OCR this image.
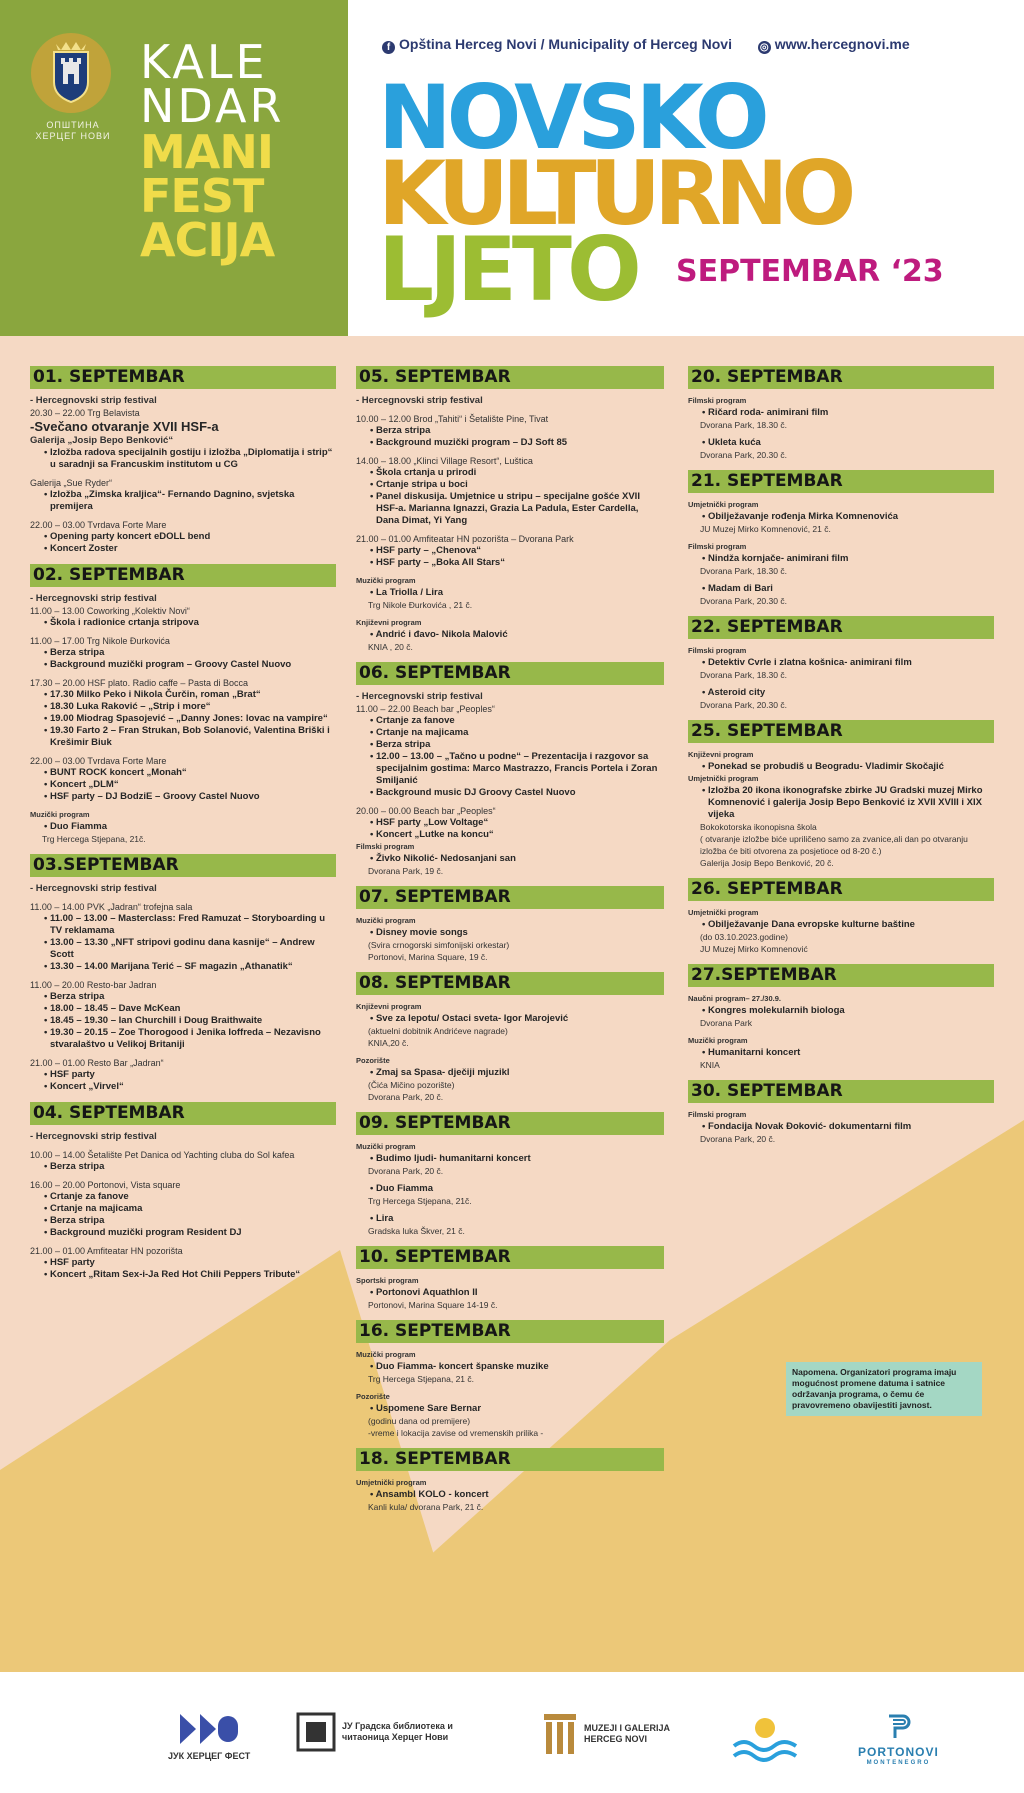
ОПШТИНА ХЕРЦЕГ НОВИ
KALE
NDAR
MANI
FEST
ACIJA
f Opština Herceg Novi / Municipality of Herceg Novi	◎ www.hercegnovi.me
NOVSKO
KULTURNO
LJETO SEPTEMBAR ‘23
01. SEPTEMBAR
- Hercegnovski strip festival
20.30 – 22.00 Trg Belavista
-Svečano otvaranje XVII HSF-a
Galerija „Josip Bepo Benković“
• Izložba radova specijalnih gostiju i izložba „Diplomatija i strip“ u saradnji sa Francuskim institutom u CG
Galerija „Sue Ryder“
• Izložba „Zimska kraljica“- Fernando Dagnino, svjetska premijera
22.00 – 03.00 Tvrdava Forte Mare
• Opening party koncert eDOLL bend
• Koncert Zoster
02. SEPTEMBAR
- Hercegnovski strip festival
11.00 – 13.00 Coworking „Kolektiv Novi“
• Škola i radionice crtanja stripova
11.00 – 17.00 Trg Nikole Đurkovića
• Berza stripa
• Background muzički program – Groovy Castel Nuovo
17.30 – 20.00 HSF plato. Radio caffe – Pasta di Bocca
• 17.30 Milko Peko i Nikola Čurčin, roman „Brat“
• 18.30 Luka Raković – „Strip i more“
• 19.00 Miodrag Spasojević – „Danny Jones: lovac na vampire“
• 19.30 Farto 2 – Fran Strukan, Bob Solanović, Valentina Briški i Krešimir Biuk
22.00 – 03.00 Tvrdava Forte Mare
• BUNT ROCK koncert „Monah“
• Koncert „DLM“
• HSF party – DJ BodziE – Groovy Castel Nuovo
Muzički program
• Duo Fiamma
Trg Hercega Stjepana, 21č.
03.SEPTEMBAR
- Hercegnovski strip festival
11.00 – 14.00 PVK „Jadran“ trofejna sala
• 11.00 – 13.00 – Masterclass: Fred Ramuzat – Storyboarding u TV reklamama
• 13.00 – 13.30 „NFT stripovi godinu dana kasnije“ – Andrew Scott
• 13.30 – 14.00 Marijana Terić – SF magazin „Athanatik“
11.00 – 20.00 Resto-bar Jadran
• Berza stripa
• 18.00 – 18.45 – Dave McKean
• 18.45 – 19.30 – Ian Churchill i Doug Braithwaite
• 19.30 – 20.15 – Zoe Thorogood i Jenika Ioffreda – Nezavisno stvaralaštvo u Velikoj Britaniji
21.00 – 01.00 Resto Bar „Jadran“
• HSF party
• Koncert „Virvel“
04. SEPTEMBAR
- Hercegnovski strip festival
10.00 – 14.00 Šetalište Pet Danica od Yachting cluba do Sol kafea
• Berza stripa
16.00 – 20.00 Portonovi, Vista square
• Crtanje za fanove
• Crtanje na majicama
• Berza stripa
• Background muzički program Resident DJ
21.00 – 01.00 Amfiteatar HN pozorišta
• HSF party
• Koncert „Ritam Sex-i-Ja Red Hot Chili Peppers Tribute“
05. SEPTEMBAR
- Hercegnovski strip festival
10.00 – 12.00 Brod „Tahiti“ i Šetalište Pine, Tivat
• Berza stripa
• Background muzički program – DJ Soft 85
14.00 – 18.00 „Klinci Village Resort“, Luštica
• Škola crtanja u prirodi
• Crtanje stripa u boci
• Panel diskusija. Umjetnice u stripu – specijalne gošće XVII HSF-a. Marianna Ignazzi, Grazia La Padula, Ester Cardella, Dana Dimat, Yi Yang
21.00 – 01.00 Amfiteatar HN pozorišta – Dvorana Park
• HSF party – „Chenova“
• HSF party – „Boka All Stars“
Muzički program
• La Triolla / Lira
Trg Nikole Đurkovića , 21 č.
Književni program
• Andrić i đavo- Nikola Malović
KNIA , 20 č.
06. SEPTEMBAR
- Hercegnovski strip festival
11.00 – 22.00 Beach bar „Peoples“
• Crtanje za fanove
• Crtanje na majicama
• Berza stripa
• 12.00 – 13.00 – „Tačno u podne“ – Prezentacija i razgovor sa specijalnim gostima: Marco Mastrazzo, Francis Portela i Zoran Smiljanić
• Background music DJ Groovy Castel Nuovo
20.00 – 00.00 Beach bar „Peoples“
• HSF party „Low Voltage“
• Koncert „Lutke na koncu“
Filmski program
• Živko Nikolić- Nedosanjani san
Dvorana Park, 19 č.
07. SEPTEMBAR
Muzički program
• Disney movie songs
(Svira crnogorski simfonijski orkestar)
Portonovi, Marina Square, 19 č.
08. SEPTEMBAR
Književni program
• Sve za lepotu/ Ostaci sveta- Igor Marojević
(aktuelni dobitnik Andrićeve nagrade)
KNIA,20 č.
Pozorište
• Zmaj sa Spasa- dječiji mjuzikl
(Čića Mičino pozorište)
Dvorana Park, 20 č.
09. SEPTEMBAR
Muzički program
• Budimo ljudi- humanitarni koncert
Dvorana Park, 20 č.
• Duo Fiamma
Trg Hercega Stjepana, 21č.
• Lira
Gradska luka Škver, 21 č.
10. SEPTEMBAR
Sportski program
• Portonovi Aquathlon II
Portonovi, Marina Square 14-19 č.
16. SEPTEMBAR
Muzički program
• Duo Fiamma- koncert španske muzike
Trg Hercega Stjepana, 21 č.
Pozorište
• Uspomene Sare Bernar
(godinu dana od premijere)
-vreme i lokacija zavise od vremenskih prilika -
18. SEPTEMBAR
Umjetnički program
• Ansambl KOLO - koncert
Kanli kula/ dvorana Park, 21 č.
20. SEPTEMBAR
Filmski program
• Ričard roda- animirani film
Dvorana Park, 18.30 č.
• Ukleta kuća
Dvorana Park, 20.30 č.
21. SEPTEMBAR
Umjetnički program
• Obilježavanje rođenja Mirka Komnenovića
JU Muzej Mirko Komnenović, 21 č.
Filmski program
• Nindža kornjače- animirani film
Dvorana Park, 18.30 č.
• Madam di Bari
Dvorana Park, 20.30 č.
22. SEPTEMBAR
Filmski program
• Detektiv Cvrle i zlatna košnica- animirani film
Dvorana Park, 18.30 č.
• Asteroid city
Dvorana Park, 20.30 č.
25. SEPTEMBAR
Književni program
• Ponekad se probudiš u Beogradu- Vladimir Skočajić
Umjetnički program
• Izložba 20 ikona ikonografske zbirke JU Gradski muzej Mirko Komnenović i galerija Josip Bepo Benković iz XVII XVIII i XIX vijeka
Bokokotorska ikonopisna škola
( otvaranje izložbe biće upriličeno samo za zvanice,ali dan po otvaranju izložba će biti otvorena za posjetioce od 8-20 č.)
Galerija Josip Bepo Benković, 20 č.
26. SEPTEMBAR
Umjetnički program
• Obilježavanje Dana evropske kulturne baštine
(do 03.10.2023.godine)
JU Muzej Mirko Komnenović
27.SEPTEMBAR
Naučni program– 27./30.9.
• Kongres molekularnih biologa
Dvorana Park
Muzički program
• Humanitarni koncert
KNIA
30. SEPTEMBAR
Filmski program
• Fondacija Novak Đoković- dokumentarni film
Dvorana Park, 20 č.
Napomena. Organizatori programa imaju mogućnost promene datuma i satnice održavanja programa, o čemu će pravovremeno obavijestiti javnost.
ЈУК ХЕРЦЕГ ФЕСТ
ЈУ Градска библиотека и читаоница Херцег Нови
MUZEJI I GALERIJA HERCEG NOVI
PORTONOVI
MONTENEGRO
